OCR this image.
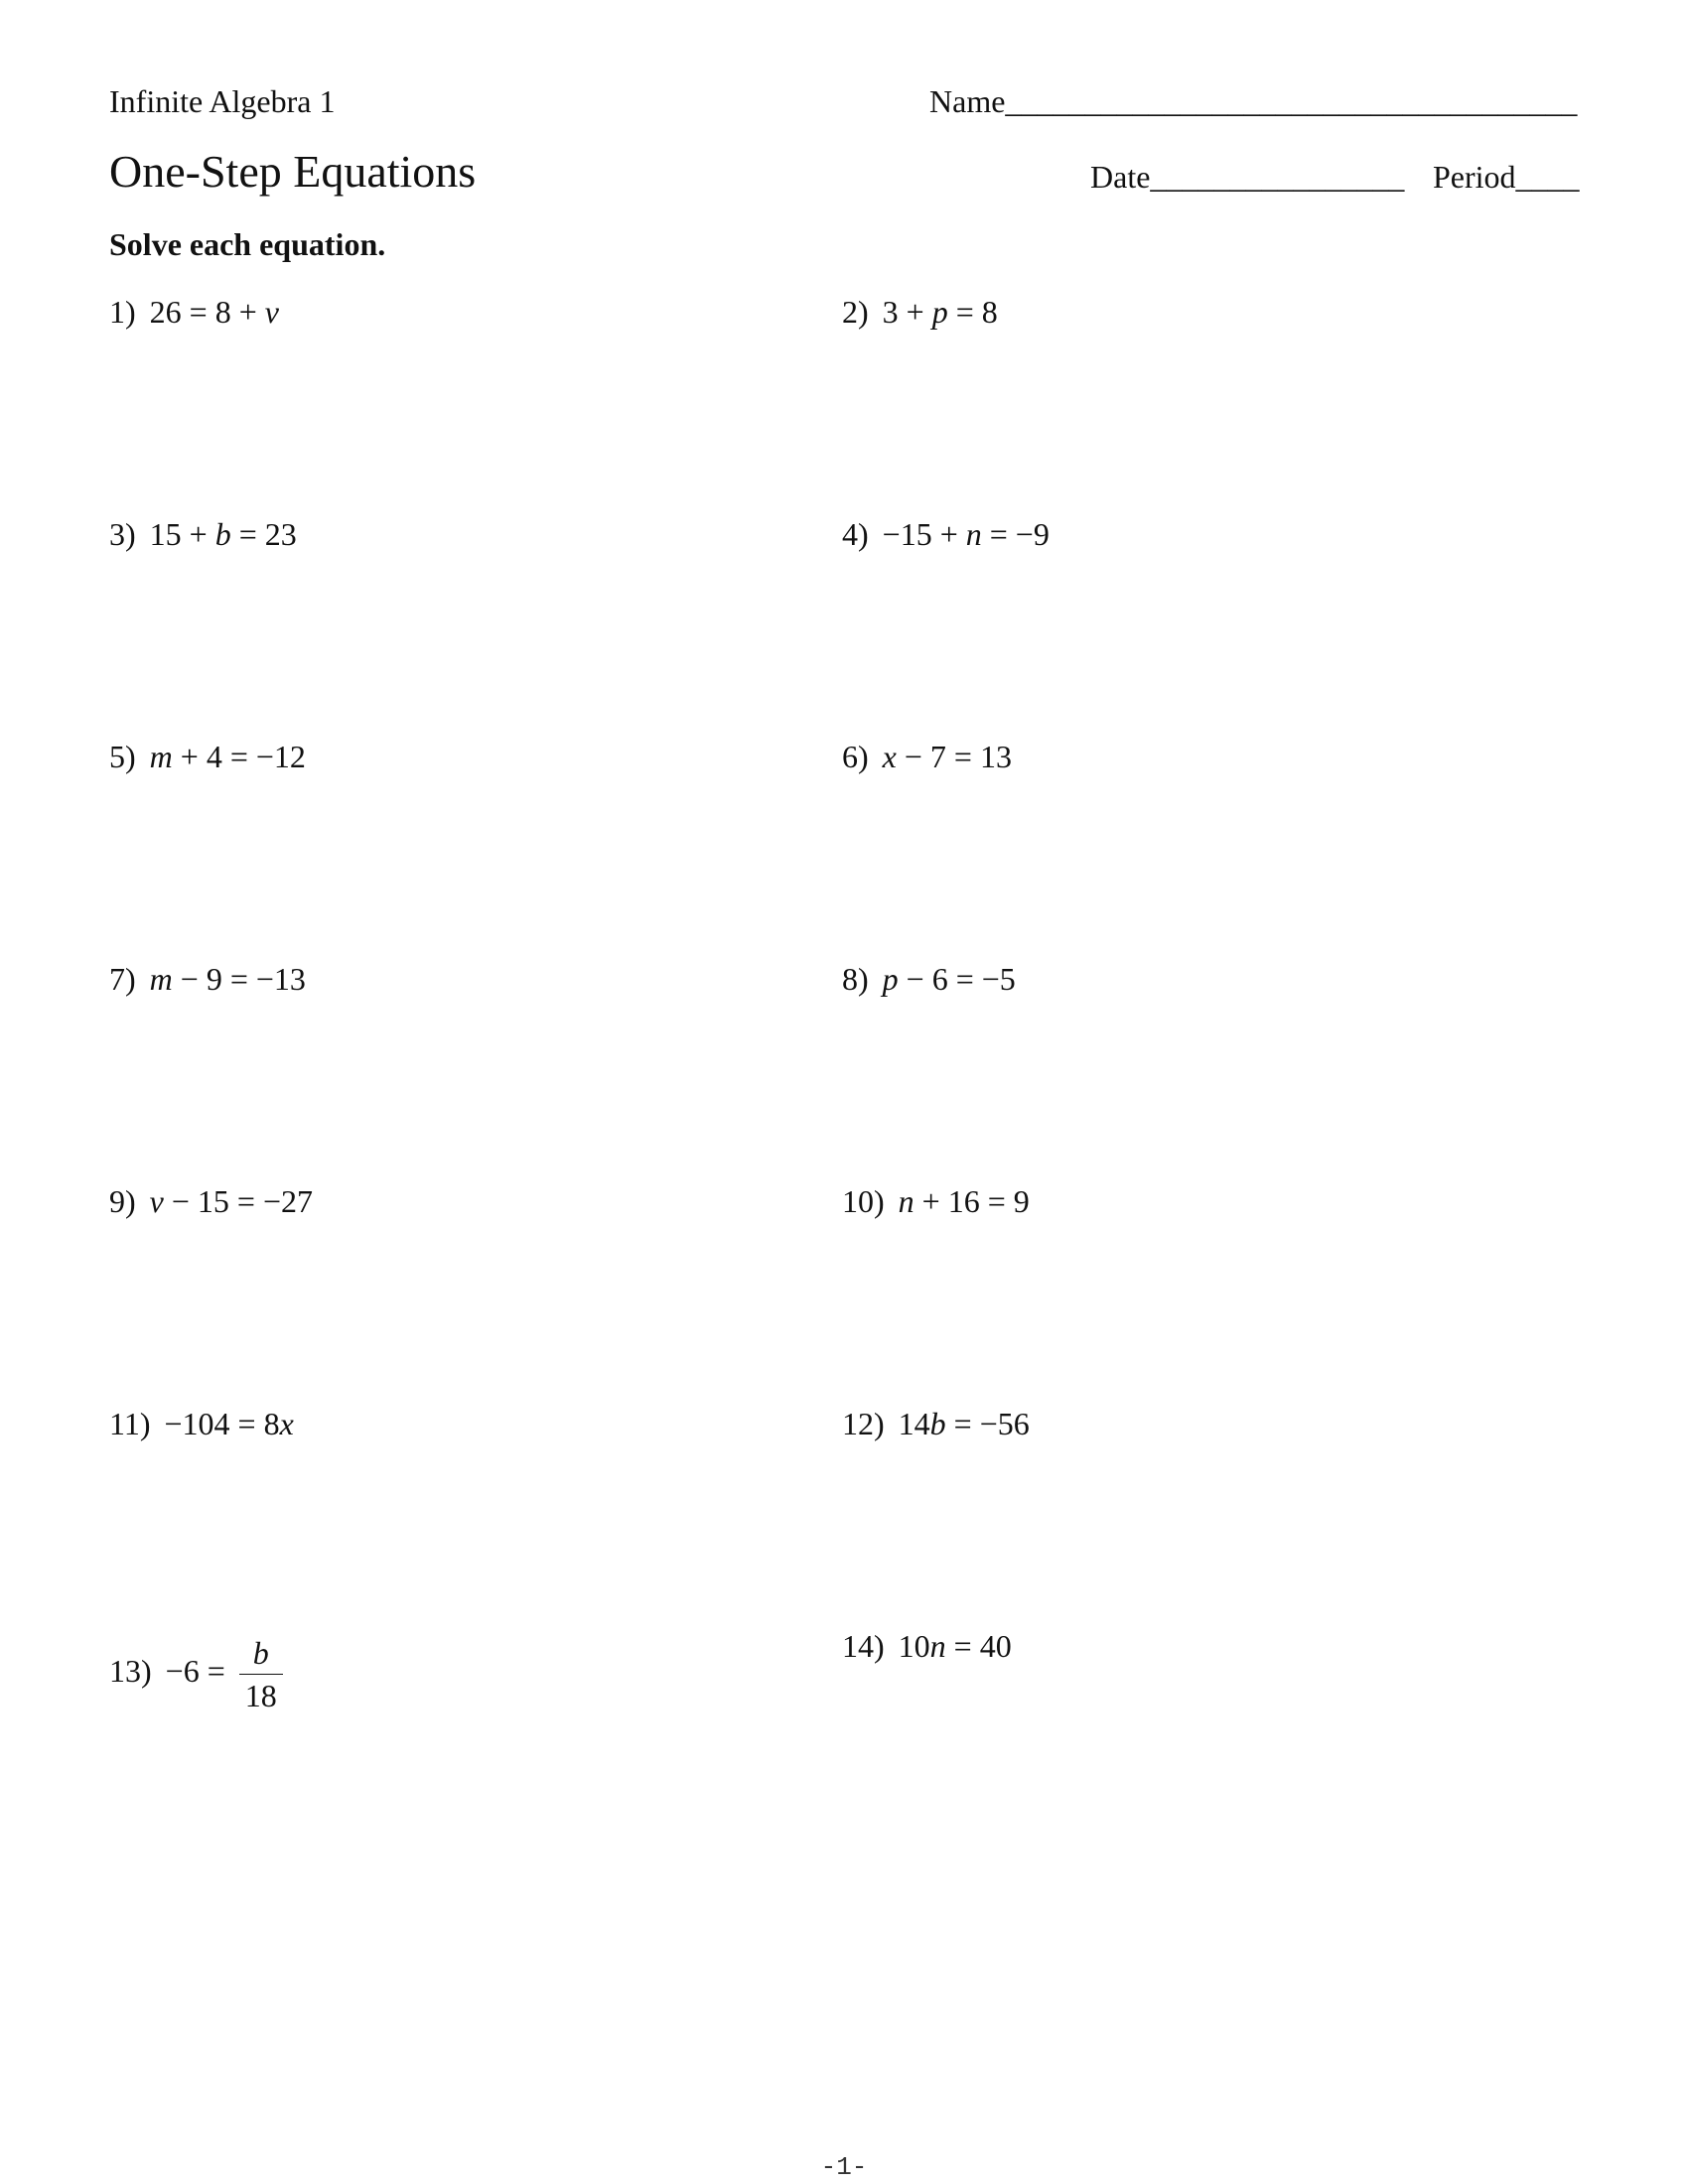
Infinite Algebra 1	Name____________________________________
One-Step Equations	Date________________ Period____
Solve each equation.
1) 26 = 8 + v	2) 3 + p = 8
3) 15 + b = 23	4) −15 + n = −9
5) m + 4 = −12	6) x − 7 = 13
7) m − 9 = −13	8) p − 6 = −5
9) v − 15 = −27	10) n + 16 = 9
11) −104 = 8x	12) 14b = −56
$13) -6 = \frac{b}{18}$	14) 10n = 40
-1-
